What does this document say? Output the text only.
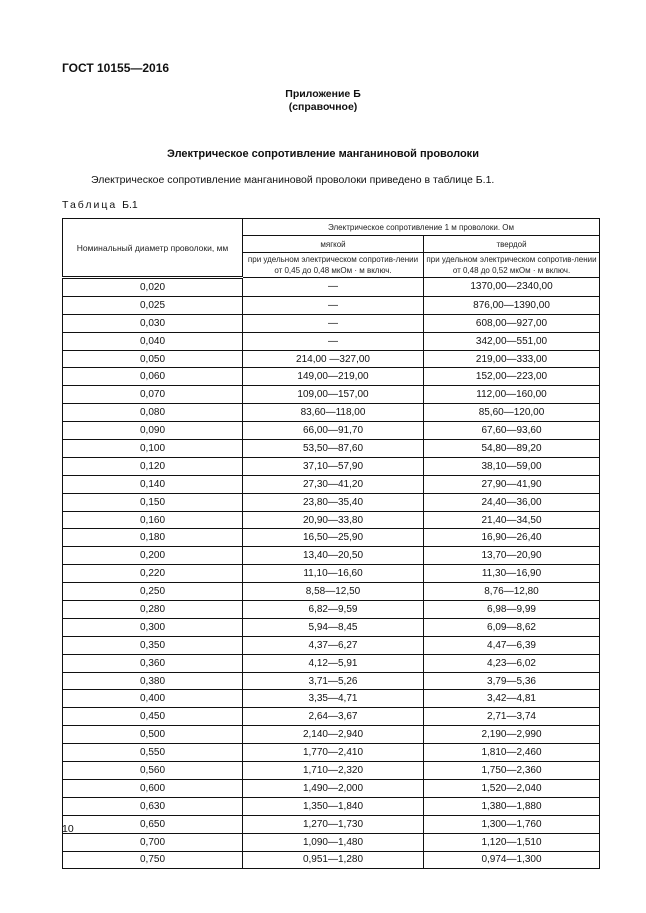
ГОСТ 10155—2016
Приложение Б
(справочное)
Электрическое сопротивление манганиновой проволоки
Электрическое сопротивление манганиновой проволоки приведено в таблице Б.1.
Таблица Б.1
Номинальный диаметр проволоки, мм	Электрическое сопротивление 1 м проволоки. Ом	
	мягкой	твердой
	при удельном электрическом сопротив-лении от 0,45 до 0,48 мкОм · м включ.	при удельном электрическом сопротив-лении от 0,48 до 0,52 мкОм · м включ.
0,020	—	1370,00—2340,00
0,025	—	876,00—1390,00
0,030	—	608,00—927,00
0,040	—	342,00—551,00
0,050	214,00 —327,00	219,00—333,00
0,060	149,00—219,00	152,00—223,00
0,070	109,00—157,00	112,00—160,00
0,080	83,60—118,00	85,60—120,00
0,090	66,00—91,70	67,60—93,60
0,100	53,50—87,60	54,80—89,20
0,120	37,10—57,90	38,10—59,00
0,140	27,30—41,20	27,90—41,90
0,150	23,80—35,40	24,40—36,00
0,160	20,90—33,80	21,40—34,50
0,180	16,50—25,90	16,90—26,40
0,200	13,40—20,50	13,70—20,90
0,220	11,10—16,60	11,30—16,90
0,250	8,58—12,50	8,76—12,80
0,280	6,82—9,59	6,98—9,99
0,300	5,94—8,45	6,09—8,62
0,350	4,37—6,27	4,47—6,39
0,360	4,12—5,91	4,23—6,02
0,380	3,71—5,26	3,79—5,36
0,400	3,35—4,71	3,42—4,81
0,450	2,64—3,67	2,71—3,74
0,500	2,140—2,940	2,190—2,990
0,550	1,770—2,410	1,810—2,460
0,560	1,710—2,320	1,750—2,360
0,600	1,490—2,000	1,520—2,040
0,630	1,350—1,840	1,380—1,880
0,650	1,270—1,730	1,300—1,760
0,700	1,090—1,480	1,120—1,510
0,750	0,951—1,280	0,974—1,300
10
